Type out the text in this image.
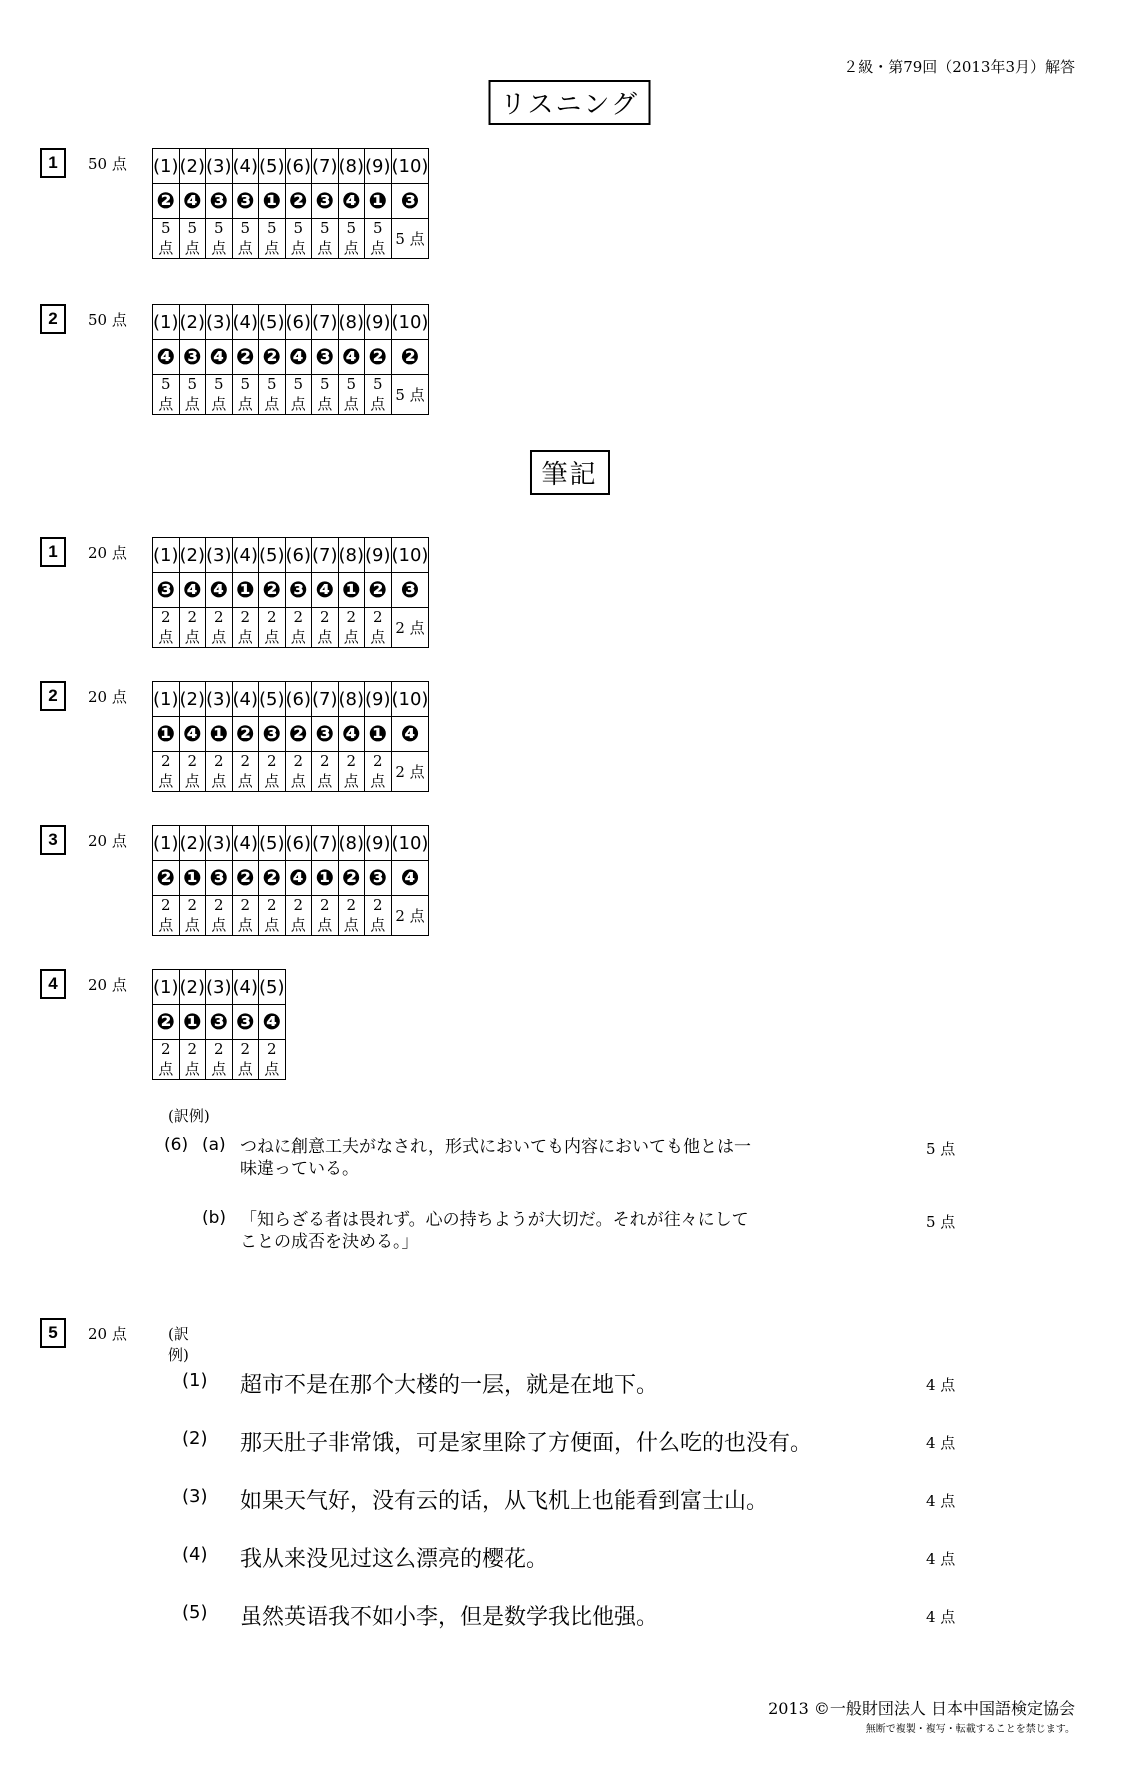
２級・第79回（2013年3月）解答
リスニング
1	50 点 (1)	(2)	(3)	(4)	(5)	(6)	(7)	(8)	(9)	(10)
❷	❹	❸	❸	❶	❷	❸	❹	❶	❸
5 点	5 点	5 点	5 点	5 点	5 点	5 点	5 点	5 点	5 点
2	50 点 (1)	(2)	(3)	(4)	(5)	(6)	(7)	(8)	(9)	(10)
❹	❸	❹	❷	❷	❹	❸	❹	❷	❷
5 点	5 点	5 点	5 点	5 点	5 点	5 点	5 点	5 点	5 点
筆記
1	20 点 (1)	(2)	(3)	(4)	(5)	(6)	(7)	(8)	(9)	(10)
❸	❹	❹	❶	❷	❸	❹	❶	❷	❸
2 点	2 点	2 点	2 点	2 点	2 点	2 点	2 点	2 点	2 点
2	20 点 (1)	(2)	(3)	(4)	(5)	(6)	(7)	(8)	(9)	(10)
❶	❹	❶	❷	❸	❷	❸	❹	❶	❹
2 点	2 点	2 点	2 点	2 点	2 点	2 点	2 点	2 点	2 点
3	20 点 (1)	(2)	(3)	(4)	(5)	(6)	(7)	(8)	(9)	(10)
❷	❶	❸	❷	❷	❹	❶	❷	❸	❹
2 点	2 点	2 点	2 点	2 点	2 点	2 点	2 点	2 点	2 点
4	20 点 (1)	(2)	(3)	(4)	(5)
❷	❶	❸	❸	❹
2 点	2 点	2 点	2 点	2 点
(訳例)
(6) (a) つねに創意工夫がなされ，形式においても内容においても他とは一
味違っている。
5 点
(b) 「知らざる者は畏れず。心の持ちようが大切だ。それが往々にして
ことの成否を決める。」
5 点
5	20 点	(訳例)
(1) 超市不是在那个大楼的一层，就是在地下。	4 点
(2) 那天肚子非常饿，可是家里除了方便面，什么吃的也没有。	4 点
(3) 如果天气好，没有云的话，从飞机上也能看到富士山。	4 点
(4) 我从来没见过这么漂亮的樱花。	4 点
(5) 虽然英语我不如小李，但是数学我比他强。	4 点
2013 ©一般財団法人 日本中国語検定協会
無断で複製・複写・転載することを禁じます。
